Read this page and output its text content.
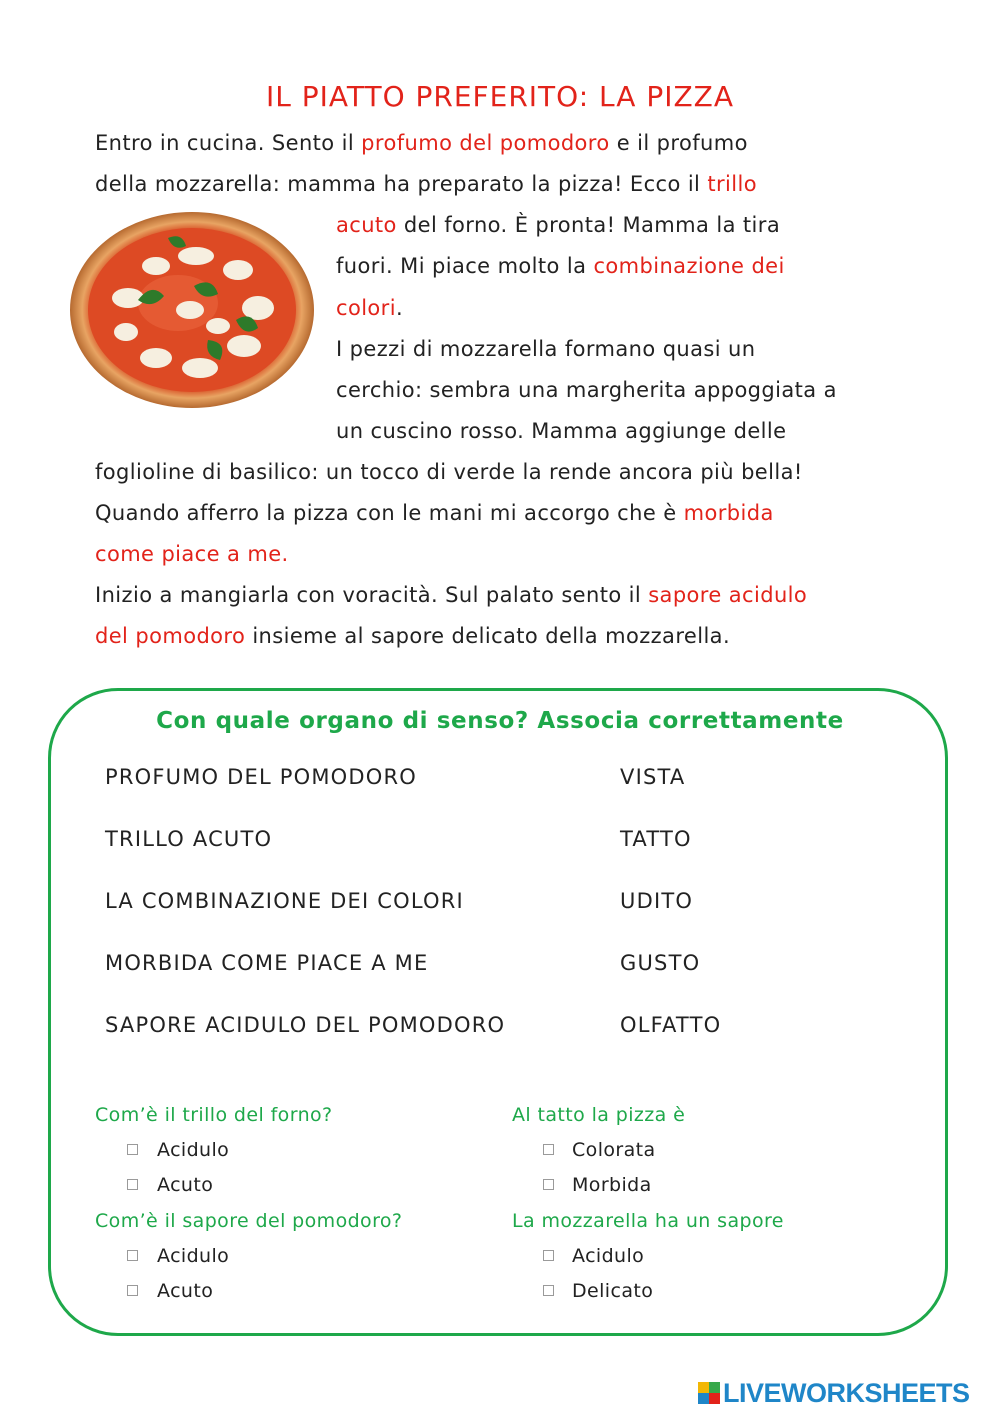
IL PIATTO PREFERITO: LA PIZZA
Entro in cucina. Sento il profumo del pomodoro e il profumo
della mozzarella: mamma ha preparato la pizza! Ecco il trillo
acuto del forno. È pronta! Mamma la tira
fuori. Mi piace molto la combinazione dei
colori.
I pezzi di mozzarella formano quasi un
cerchio: sembra una margherita appoggiata a
un cuscino rosso. Mamma aggiunge delle
fogliol​ine di basilico: un tocco di verde la rende ancora più bella!
Quando afferro la pizza con le mani mi accorgo che è morbida
come piace a me.
Inizio a mangiarla con voracità. Sul palato sento il sapore acidulo
del pomodoro insieme al sapore delicato della mozzarella.
Con quale organo di senso? Associa correttamente
PROFUMO DEL POMODORO
TRILLO ACUTO
LA COMBINAZIONE DEI COLORI
MORBIDA COME PIACE A ME
SAPORE ACIDULO DEL POMODORO
VISTA
TATTO
UDITO
GUSTO
OLFATTO
Com’è il trillo del forno?
Acidulo
Acuto
Al tatto la pizza è
Colorata
Morbida
Com’è il sapore del pomodoro?
Acidulo
Acuto
La mozzarella ha un sapore
Acidulo
Delicato
LIVEWORKSHEETS
